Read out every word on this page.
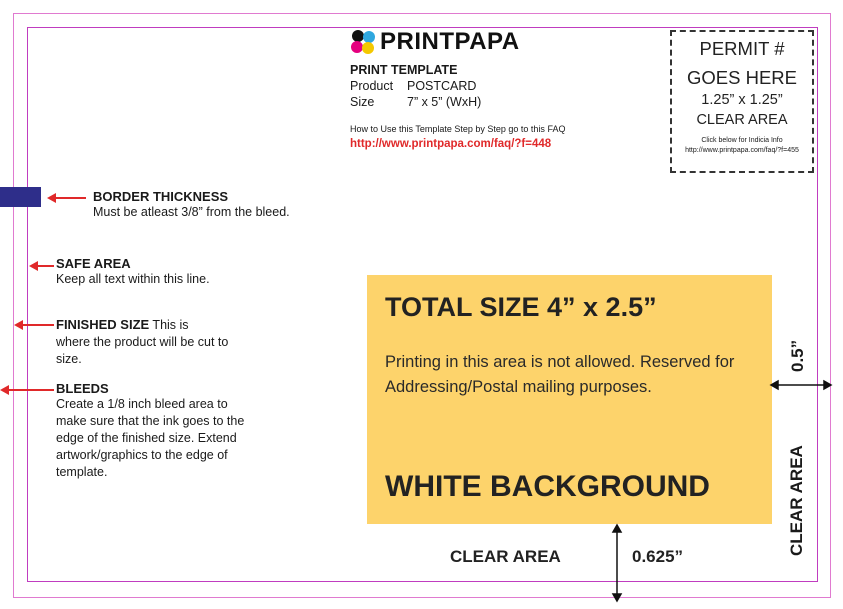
PRINTPAPA
PRINT TEMPLATE
Product POSTCARD
Size	7” x 5” (WxH)
How to Use this Template Step by Step go to this FAQ
http://www.printpapa.com/faq/?f=448
PERMIT #
GOES HERE
1.25” x 1.25”
CLEAR AREA
Click below for Indicia Info
http://www.printpapa.com/faq/?f=455
BORDER THICKNESS
Must be atleast 3/8” from the bleed.
SAFE AREA
Keep all text within this line.
FINISHED SIZE This is
where the product will be cut to size.
BLEEDS
Create a 1/8 inch bleed area to make sure that the ink goes to the edge of the finished size. Extend artwork/graphics to the edge of template.
TOTAL SIZE 4” x 2.5”
Printing in this area is not allowed. Reserved for Addressing/Postal mailing purposes.
WHITE BACKGROUND
CLEAR AREA	0.625”
CLEAR AREA
0.5”
